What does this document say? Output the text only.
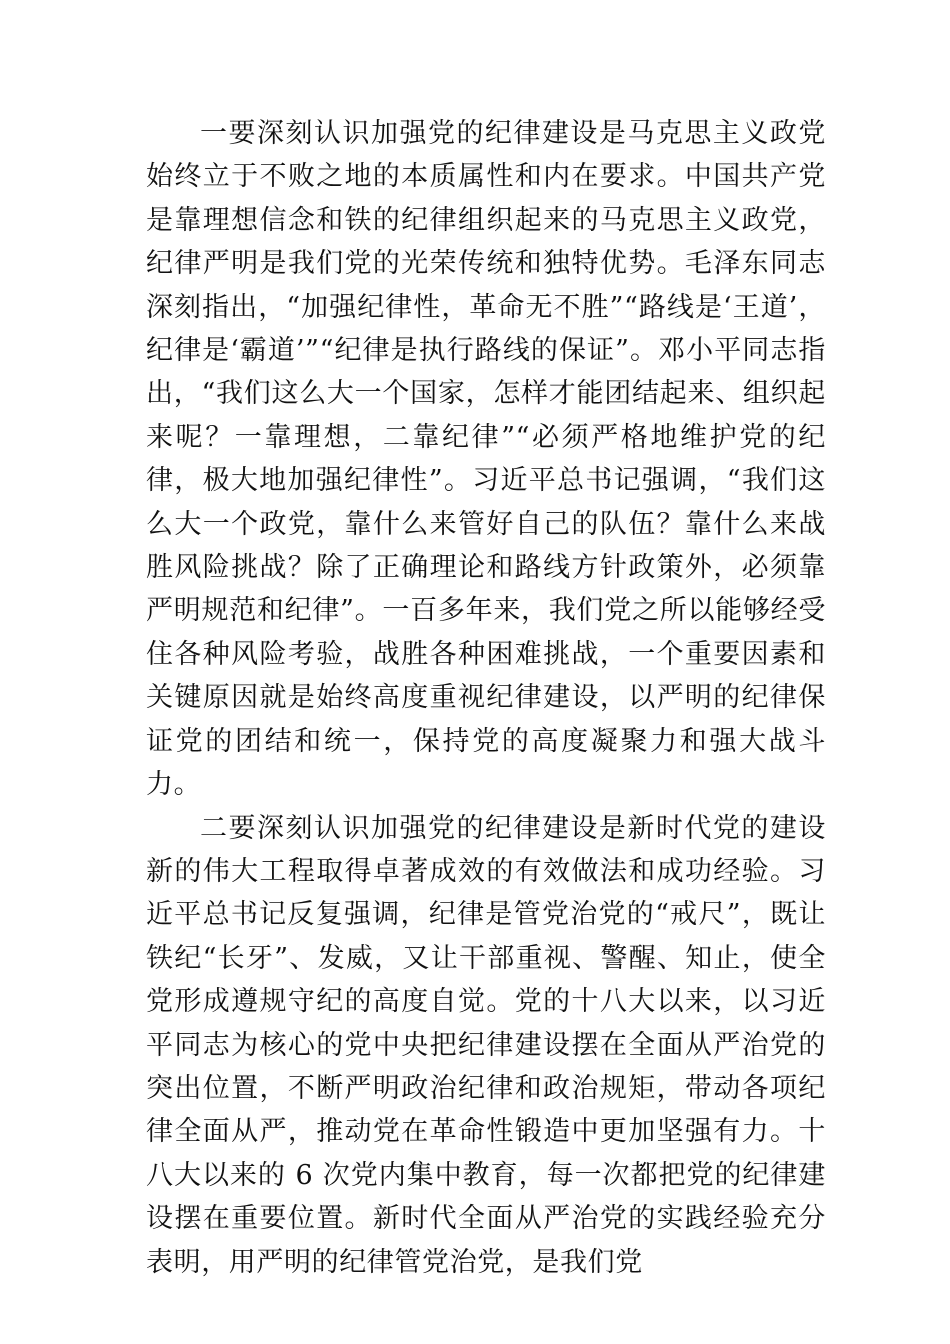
一要深刻认识加强党的纪律建设是马克思主义政党始终立于不败之地的本质属性和内在要求。中国共产党是靠理想信念和铁的纪律组织起来的马克思主义政党，纪律严明是我们党的光荣传统和独特优势。毛泽东同志深刻指出，“加强纪律性，革命无不胜”“路线是‘王道’，纪律是‘霸道’”“纪律是执行路线的保证”。邓小平同志指出，“我们这么大一个国家，怎样才能团结起来、组织起来呢？一靠理想，二靠纪律”“必须严格地维护党的纪律，极大地加强纪律性”。习近平总书记强调，“我们这么大一个政党，靠什么来管好自己的队伍？靠什么来战胜风险挑战？除了正确理论和路线方针政策外，必须靠严明规范和纪律”。一百多年来，我们党之所以能够经受住各种风险考验，战胜各种困难挑战，一个重要因素和关键原因就是始终高度重视纪律建设，以严明的纪律保证党的团结和统一，保持党的高度凝聚力和强大战斗力。

二要深刻认识加强党的纪律建设是新时代党的建设新的伟大工程取得卓著成效的有效做法和成功经验。习近平总书记反复强调，纪律是管党治党的“戒尺”，既让铁纪“长牙”、发威，又让干部重视、警醒、知止，使全党形成遵规守纪的高度自觉。党的十八大以来，以习近平同志为核心的党中央把纪律建设摆在全面从严治党的突出位置，不断严明政治纪律和政治规矩，带动各项纪律全面从严，推动党在革命性锻造中更加坚强有力。十八大以来的 6 次党内集中教育，每一次都把党的纪律建设摆在重要位置。新时代全面从严治党的实践经验充分表明，用严明的纪律管党治党，是我们党
